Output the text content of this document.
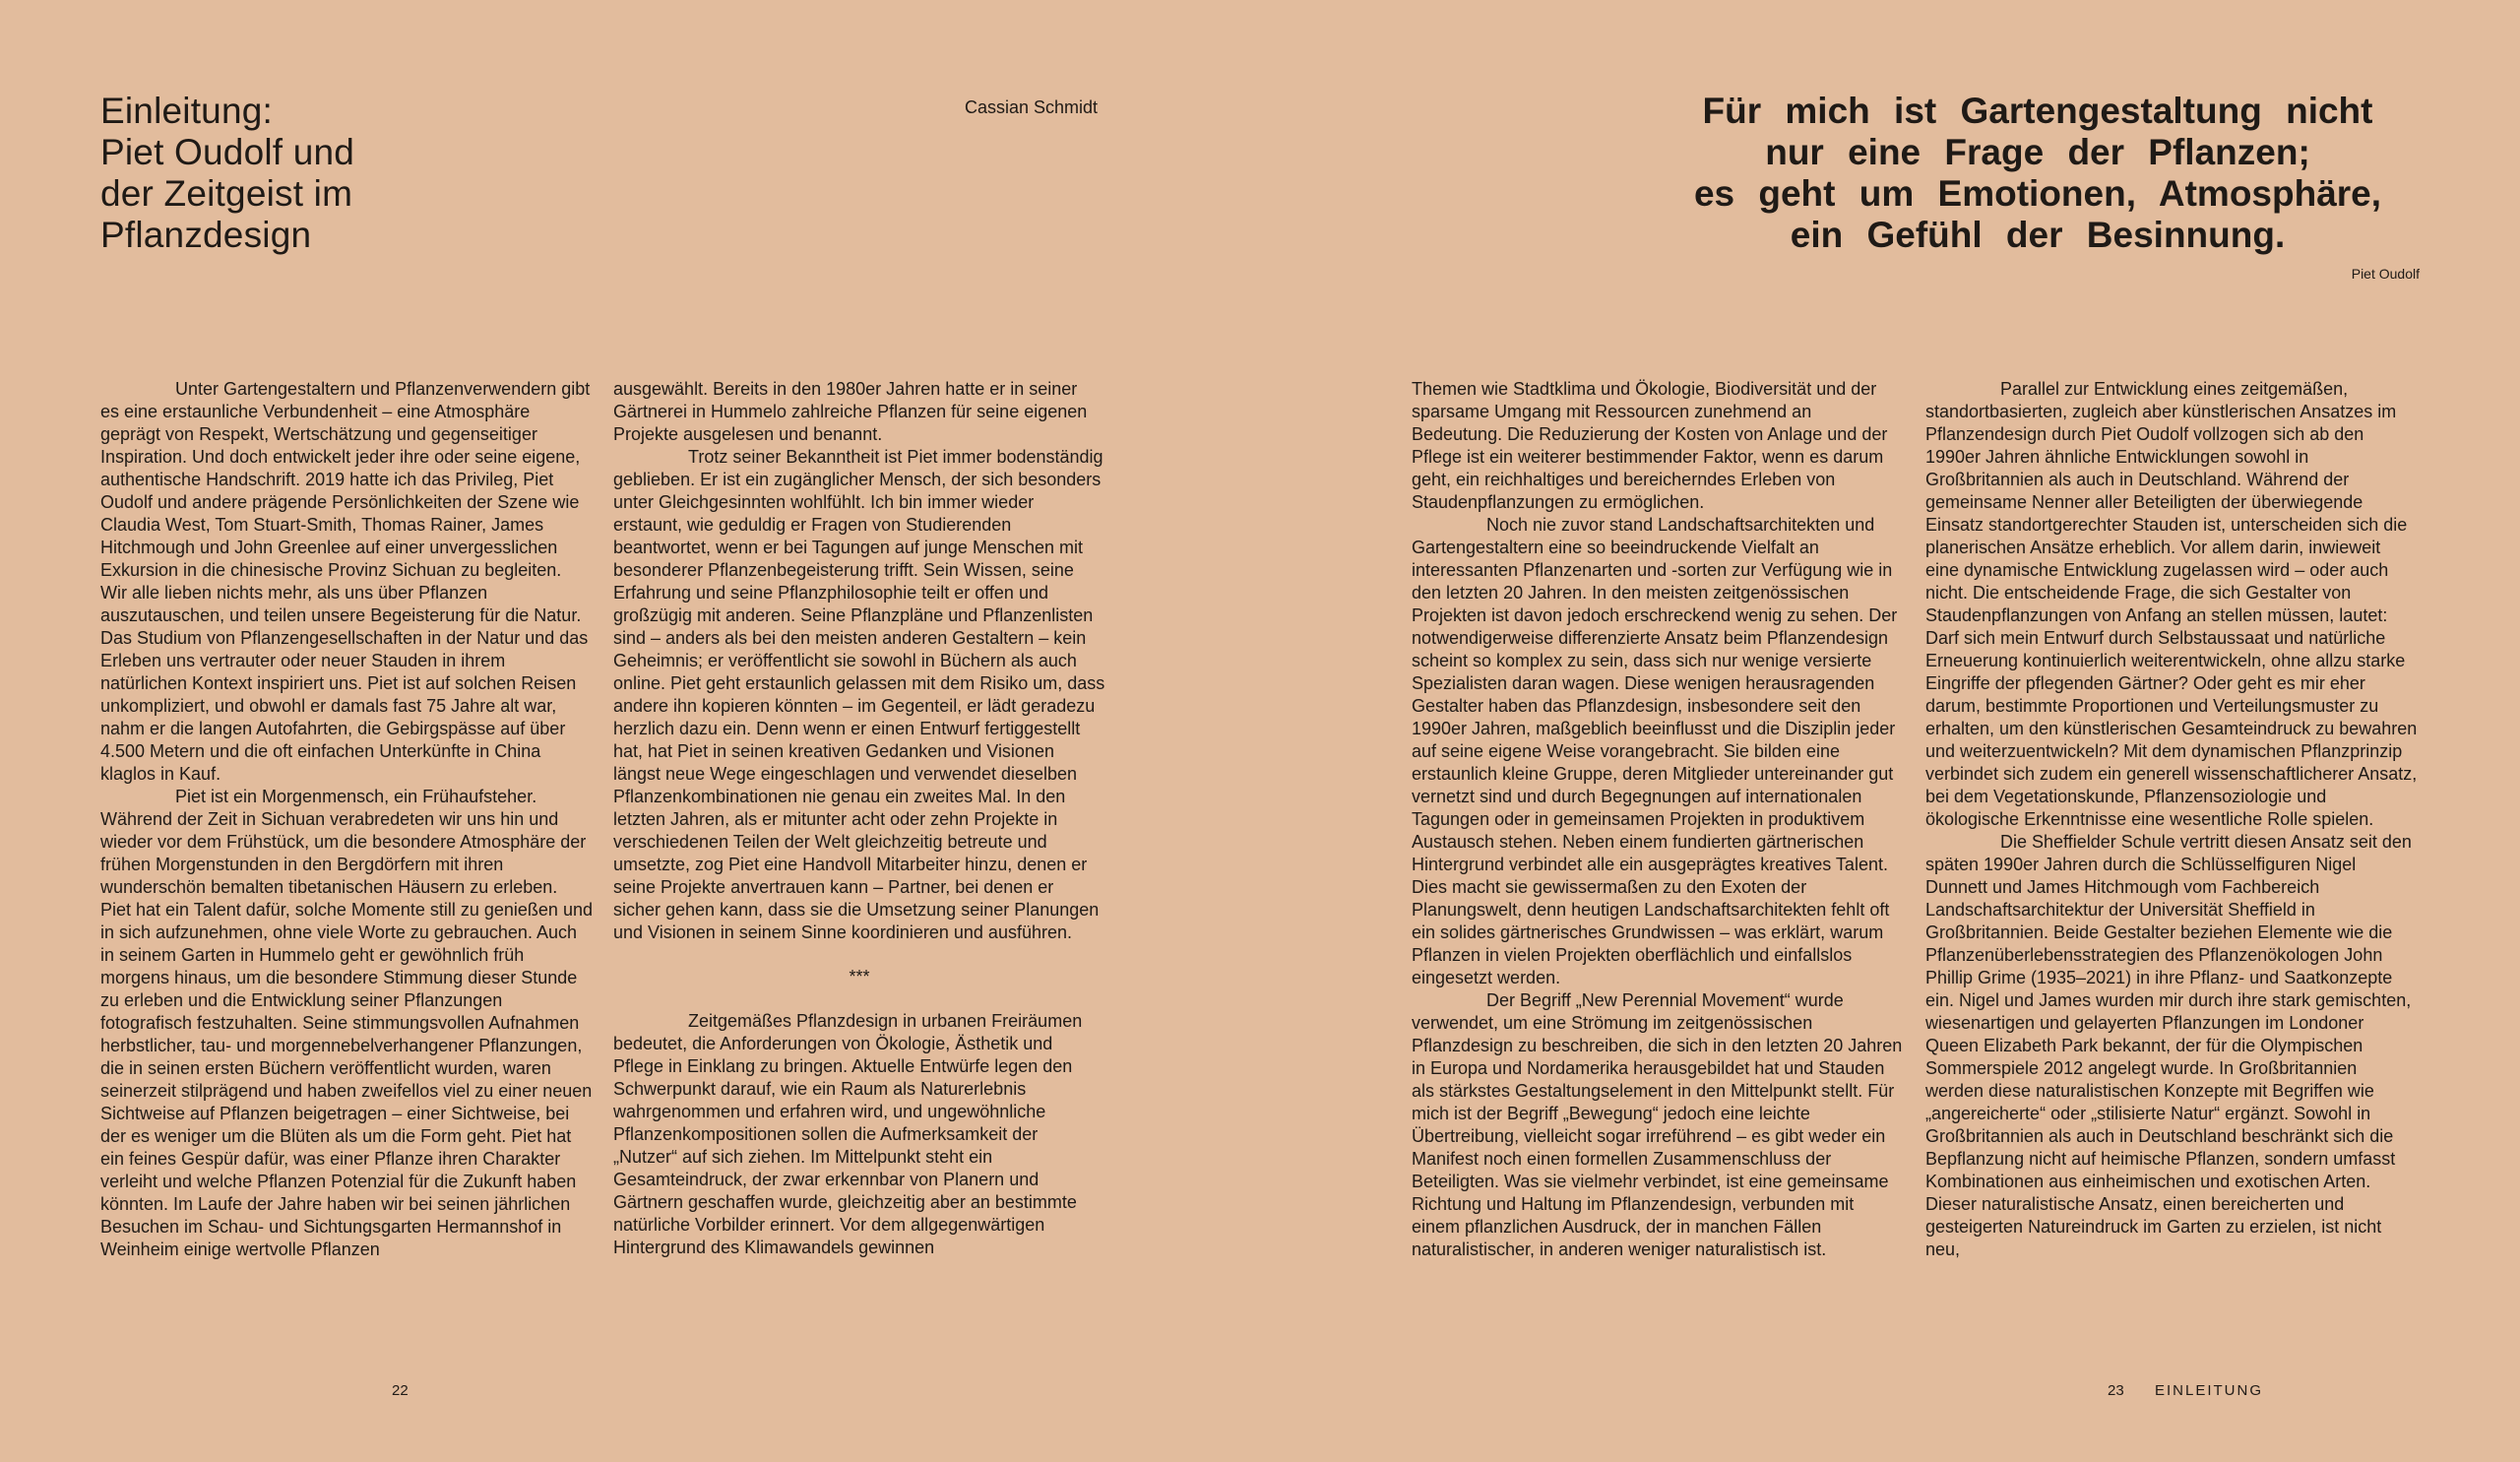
Einleitung:
Piet Oudolf und
der Zeitgeist im
Pflanzdesign
Cassian Schmidt

Unter Gartengestaltern und Pflanzenverwendern gibt es eine erstaunliche Verbundenheit – eine Atmosphäre geprägt von Respekt, Wertschätzung und gegenseitiger Inspiration. Und doch entwickelt jeder ihre oder seine eigene, authentische Handschrift. 2019 hatte ich das Privileg, Piet Oudolf und andere prägende Persönlichkeiten der Szene wie Claudia West, Tom Stuart-Smith, Thomas Rainer, James Hitchmough und John Greenlee auf einer unvergesslichen Exkursion in die chinesische Provinz Sichuan zu begleiten. Wir alle lieben nichts mehr, als uns über Pflanzen auszutauschen, und teilen unsere Begeisterung für die Natur. Das Studium von Pflanzengesellschaften in der Natur und das Erleben uns vertrauter oder neuer Stauden in ihrem natürlichen Kontext inspiriert uns. Piet ist auf solchen Reisen unkompliziert, und obwohl er damals fast 75 Jahre alt war, nahm er die langen Autofahrten, die Gebirgspässe auf über 4.500 Metern und die oft einfachen Unterkünfte in China klaglos in Kauf.

Piet ist ein Morgenmensch, ein Frühaufsteher. Während der Zeit in Sichuan verabredeten wir uns hin und wieder vor dem Frühstück, um die besondere Atmosphäre der frühen Morgenstunden in den Bergdörfern mit ihren wunderschön bemalten tibetanischen Häusern zu erleben. Piet hat ein Talent dafür, solche Momente still zu genießen und in sich aufzunehmen, ohne viele Worte zu gebrauchen. Auch in seinem Garten in Hummelo geht er gewöhnlich früh morgens hinaus, um die besondere Stimmung dieser Stunde zu erleben und die Entwicklung seiner Pflanzungen fotografisch festzuhalten. Seine stimmungsvollen Aufnahmen herbstlicher, tau- und morgennebelverhangener Pflanzungen, die in seinen ersten Büchern veröffentlicht wurden, waren seinerzeit stilprägend und haben zweifellos viel zu einer neuen Sichtweise auf Pflanzen beigetragen – einer Sichtweise, bei der es weniger um die Blüten als um die Form geht. Piet hat ein feines Gespür dafür, was einer Pflanze ihren Charakter verleiht und welche Pflanzen Potenzial für die Zukunft haben könnten. Im Laufe der Jahre haben wir bei seinen jährlichen Besuchen im Schau- und Sichtungsgarten Hermannshof in Weinheim einige wertvolle Pflanzen

ausgewählt. Bereits in den 1980er Jahren hatte er in seiner Gärtnerei in Hummelo zahlreiche Pflanzen für seine eigenen Projekte ausgelesen und benannt.

Trotz seiner Bekanntheit ist Piet immer bodenständig geblieben. Er ist ein zugänglicher Mensch, der sich besonders unter Gleichgesinnten wohlfühlt. Ich bin immer wieder erstaunt, wie geduldig er Fragen von Studierenden beantwortet, wenn er bei Tagungen auf junge Menschen mit besonderer Pflanzenbegeisterung trifft. Sein Wissen, seine Erfahrung und seine Pflanzphilosophie teilt er offen und großzügig mit anderen. Seine Pflanzpläne und Pflanzenlisten sind – anders als bei den meisten anderen Gestaltern – kein Geheimnis; er veröffentlicht sie sowohl in Büchern als auch online. Piet geht erstaunlich gelassen mit dem Risiko um, dass andere ihn kopieren könnten – im Gegenteil, er lädt geradezu herzlich dazu ein. Denn wenn er einen Entwurf fertiggestellt hat, hat Piet in seinen kreativen Gedanken und Visionen längst neue Wege eingeschlagen und verwendet dieselben Pflanzenkombinationen nie genau ein zweites Mal. In den letzten Jahren, als er mitunter acht oder zehn Projekte in verschiedenen Teilen der Welt gleichzeitig betreute und umsetzte, zog Piet eine Handvoll Mitarbeiter hinzu, denen er seine Projekte anvertrauen kann – Partner, bei denen er sicher gehen kann, dass sie die Umsetzung seiner Planungen und Visionen in seinem Sinne koordinieren und ausführen.

***

Zeitgemäßes Pflanzdesign in urbanen Freiräumen bedeutet, die Anforderungen von Ökologie, Ästhetik und Pflege in Einklang zu bringen. Aktuelle Entwürfe legen den Schwerpunkt darauf, wie ein Raum als Naturerlebnis wahrgenommen und erfahren wird, und ungewöhnliche Pflanzenkompositionen sollen die Aufmerksamkeit der „Nutzer“ auf sich ziehen. Im Mittelpunkt steht ein Gesamteindruck, der zwar erkennbar von Planern und Gärtnern geschaffen wurde, gleichzeitig aber an bestimmte natürliche Vorbilder erinnert. Vor dem allgegenwärtigen Hintergrund des Klimawandels gewinnen

22
Für mich ist Gartengestaltung nicht
nur eine Frage der Pflanzen;
es geht um Emotionen, Atmosphäre,
ein Gefühl der Besinnung.
Piet Oudolf

Themen wie Stadtklima und Ökologie, Biodiversität und der sparsame Umgang mit Ressourcen zunehmend an Bedeutung. Die Reduzierung der Kosten von Anlage und der Pflege ist ein weiterer bestimmender Faktor, wenn es darum geht, ein reichhaltiges und bereicherndes Erleben von Staudenpflanzungen zu ermöglichen.

Noch nie zuvor stand Landschaftsarchitekten und Gartengestaltern eine so beeindruckende Vielfalt an interessanten Pflanzenarten und -sorten zur Verfügung wie in den letzten 20 Jahren. In den meisten zeitgenössischen Projekten ist davon jedoch erschreckend wenig zu sehen. Der notwendigerweise differenzierte Ansatz beim Pflanzendesign scheint so komplex zu sein, dass sich nur wenige versierte Spezialisten daran wagen. Diese wenigen herausragenden Gestalter haben das Pflanzdesign, insbesondere seit den 1990er Jahren, maßgeblich beeinflusst und die Disziplin jeder auf seine eigene Weise vorangebracht. Sie bilden eine erstaunlich kleine Gruppe, deren Mitglieder untereinander gut vernetzt sind und durch Begegnungen auf internationalen Tagungen oder in gemeinsamen Projekten in produktivem Austausch stehen. Neben einem fundierten gärtnerischen Hintergrund verbindet alle ein ausgeprägtes kreatives Talent. Dies macht sie gewissermaßen zu den Exoten der Planungswelt, denn heutigen Landschaftsarchitekten fehlt oft ein solides gärtnerisches Grundwissen – was erklärt, warum Pflanzen in vielen Projekten oberflächlich und einfallslos eingesetzt werden.

Der Begriff „New Perennial Movement“ wurde verwendet, um eine Strömung im zeitgenössischen Pflanzdesign zu beschreiben, die sich in den letzten 20 Jahren in Europa und Nordamerika herausgebildet hat und Stauden als stärkstes Gestaltungselement in den Mittelpunkt stellt. Für mich ist der Begriff „Bewegung“ jedoch eine leichte Übertreibung, vielleicht sogar irreführend – es gibt weder ein Manifest noch einen formellen Zusammenschluss der Beteiligten. Was sie vielmehr verbindet, ist eine gemeinsame Richtung und Haltung im Pflanzendesign, verbunden mit einem pflanzlichen Ausdruck, der in manchen Fällen naturalistischer, in anderen weniger naturalistisch ist.

Parallel zur Entwicklung eines zeitgemäßen, standortbasierten, zugleich aber künstlerischen Ansatzes im Pflanzendesign durch Piet Oudolf vollzogen sich ab den 1990er Jahren ähnliche Entwicklungen sowohl in Großbritannien als auch in Deutschland. Während der gemeinsame Nenner aller Beteiligten der überwiegende Einsatz standortgerechter Stauden ist, unterscheiden sich die planerischen Ansätze erheblich. Vor allem darin, inwieweit eine dynamische Entwicklung zugelassen wird – oder auch nicht. Die entscheidende Frage, die sich Gestalter von Staudenpflanzungen von Anfang an stellen müssen, lautet: Darf sich mein Entwurf durch Selbstaussaat und natürliche Erneuerung kontinuierlich weiterentwickeln, ohne allzu starke Eingriffe der pflegenden Gärtner? Oder geht es mir eher darum, bestimmte Proportionen und Verteilungsmuster zu erhalten, um den künstlerischen Gesamteindruck zu bewahren und weiterzuentwickeln? Mit dem dynamischen Pflanzprinzip verbindet sich zudem ein generell wissenschaftlicherer Ansatz, bei dem Vegetationskunde, Pflanzensoziologie und ökologische Erkenntnisse eine wesentliche Rolle spielen.

Die Sheffielder Schule vertritt diesen Ansatz seit den späten 1990er Jahren durch die Schlüsselfiguren Nigel Dunnett und James Hitchmough vom Fachbereich Landschaftsarchitektur der Universität Sheffield in Großbritannien. Beide Gestalter beziehen Elemente wie die Pflanzenüberlebensstrategien des Pflanzenökologen John Phillip Grime (1935–2021) in ihre Pflanz- und Saatkonzepte ein. Nigel und James wurden mir durch ihre stark gemischten, wiesenartigen und gelayerten Pflanzungen im Londoner Queen Elizabeth Park bekannt, der für die Olympischen Sommerspiele 2012 angelegt wurde. In Großbritannien werden diese naturalistischen Konzepte mit Begriffen wie „angereicherte“ oder „stilisierte Natur“ ergänzt. Sowohl in Großbritannien als auch in Deutschland beschränkt sich die Bepflanzung nicht auf heimische Pflanzen, sondern umfasst Kombinationen aus einheimischen und exotischen Arten. Dieser naturalistische Ansatz, einen bereicherten und gesteigerten Natureindruck im Garten zu erzielen, ist nicht neu,

23 EINLEITUNG
